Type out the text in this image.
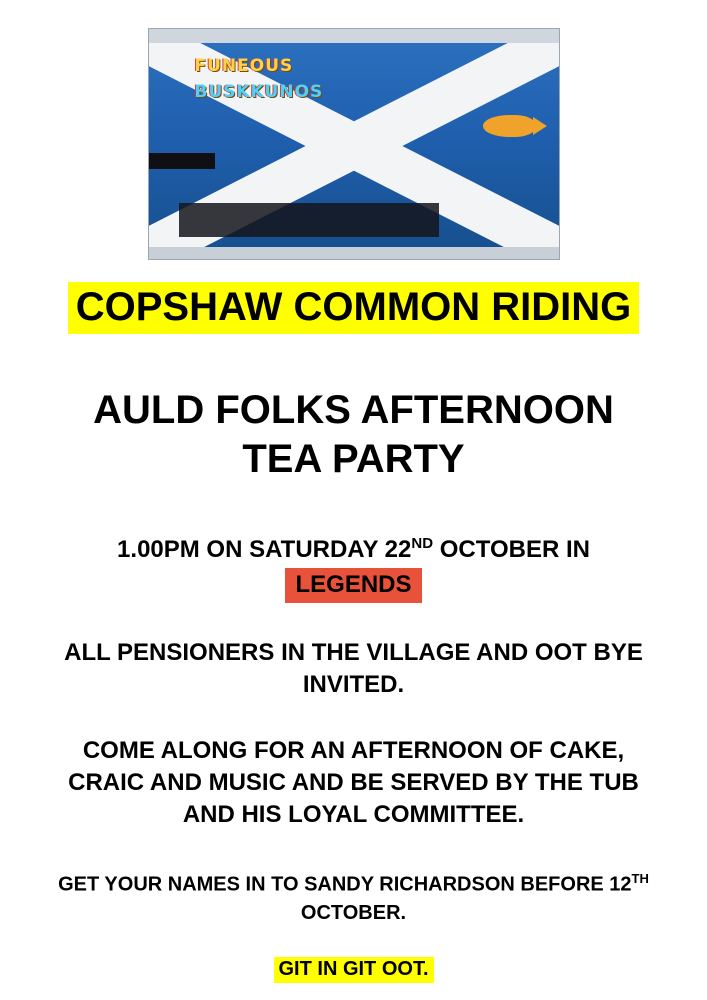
FUNEOUS
BUSKKUNOS
COPSHAW COMMON RIDING
AULD FOLKS AFTERNOON
TEA PARTY
1.00PM ON SATURDAY 22ND OCTOBER IN
LEGENDS
ALL PENSIONERS IN THE VILLAGE AND OOT BYE INVITED.
COME ALONG FOR AN AFTERNOON OF CAKE, CRAIC AND MUSIC AND BE SERVED BY THE TUB AND HIS LOYAL COMMITTEE.
GET YOUR NAMES IN TO SANDY RICHARDSON BEFORE 12TH OCTOBER.
GIT IN GIT OOT.
